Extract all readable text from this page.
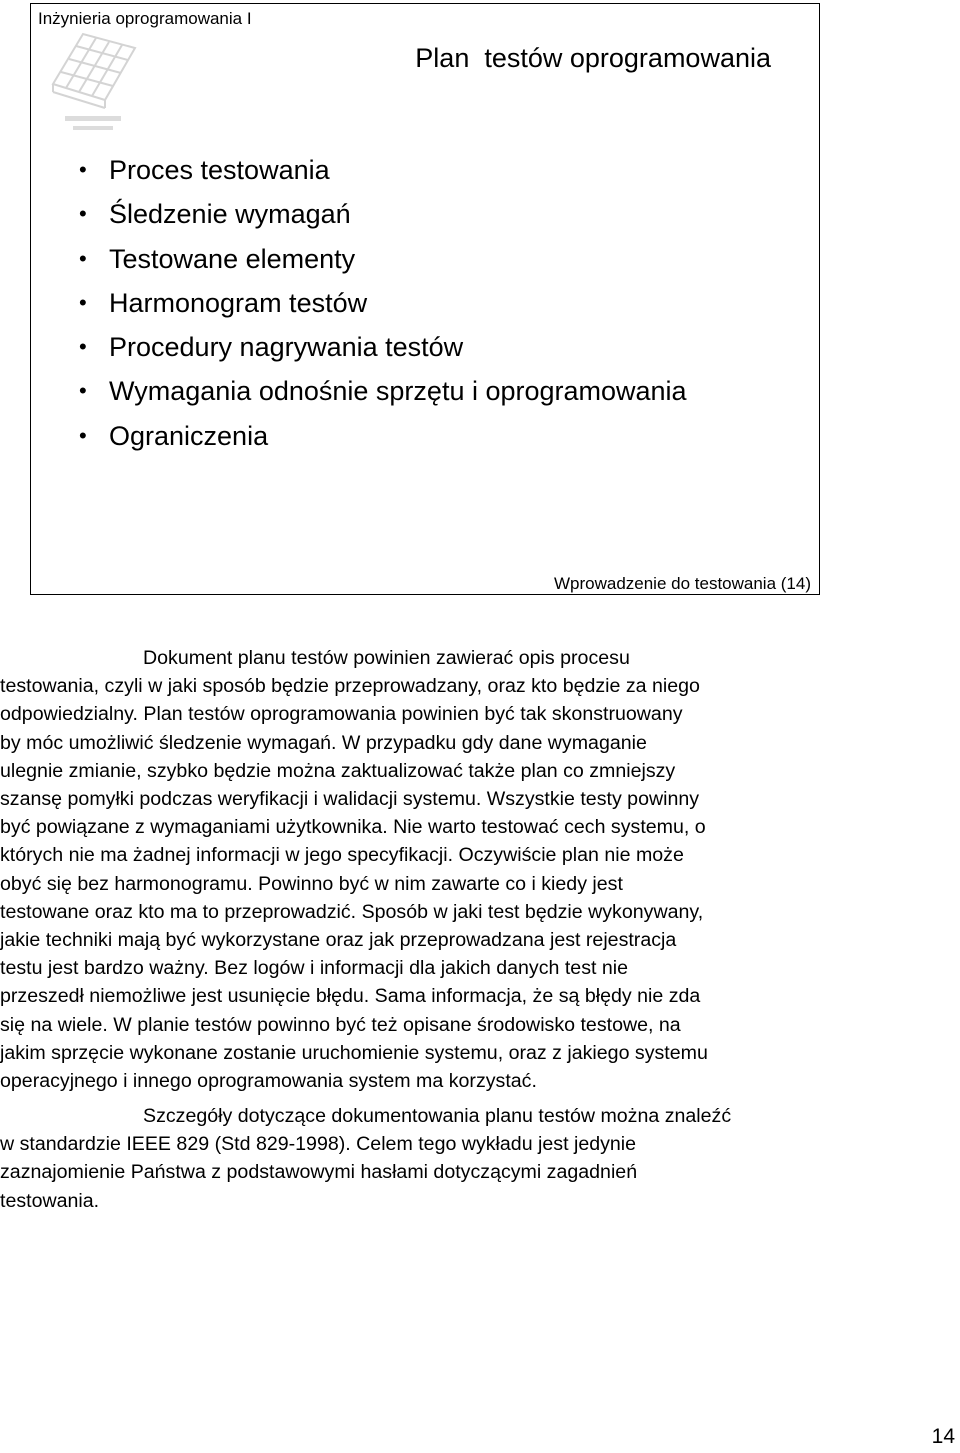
Inżynieria oprogramowania I
Plan  testów oprogramowania
• Proces testowania
• Śledzenie wymagań
• Testowane elementy
• Harmonogram testów
• Procedury nagrywania testów
• Wymagania odnośnie sprzętu i oprogramowania
• Ograniczenia
Wprowadzenie do testowania (14)
Dokument planu testów powinien zawierać opis procesu
testowania, czyli w jaki sposób będzie przeprowadzany, oraz kto będzie za niego
odpowiedzialny. Plan testów oprogramowania powinien być tak skonstruowany
by móc umożliwić śledzenie wymagań. W przypadku gdy dane wymaganie
ulegnie zmianie, szybko będzie można zaktualizować także plan co zmniejszy
szansę pomyłki podczas weryfikacji i walidacji systemu. Wszystkie testy powinny
być powiązane z wymaganiami użytkownika. Nie warto testować cech systemu, o
których nie ma żadnej informacji w jego specyfikacji. Oczywiście plan nie może
obyć się bez harmonogramu. Powinno być w nim zawarte co i kiedy jest
testowane oraz kto ma to przeprowadzić. Sposób w jaki test będzie wykonywany,
jakie techniki mają być wykorzystane oraz jak przeprowadzana jest rejestracja
testu jest bardzo ważny. Bez logów i informacji dla jakich danych test nie
przeszedł niemożliwe jest usunięcie błędu. Sama informacja, że są błędy nie zda
się na wiele. W planie testów powinno być też opisane środowisko testowe, na
jakim sprzęcie wykonane zostanie uruchomienie systemu, oraz z jakiego systemu
operacyjnego i innego oprogramowania system ma korzystać.
Szczegóły dotyczące dokumentowania planu testów można znaleźć
w standardzie IEEE 829 (Std 829-1998). Celem tego wykładu jest jedynie
zaznajomienie Państwa z podstawowymi hasłami dotyczącymi zagadnień
testowania.
14
